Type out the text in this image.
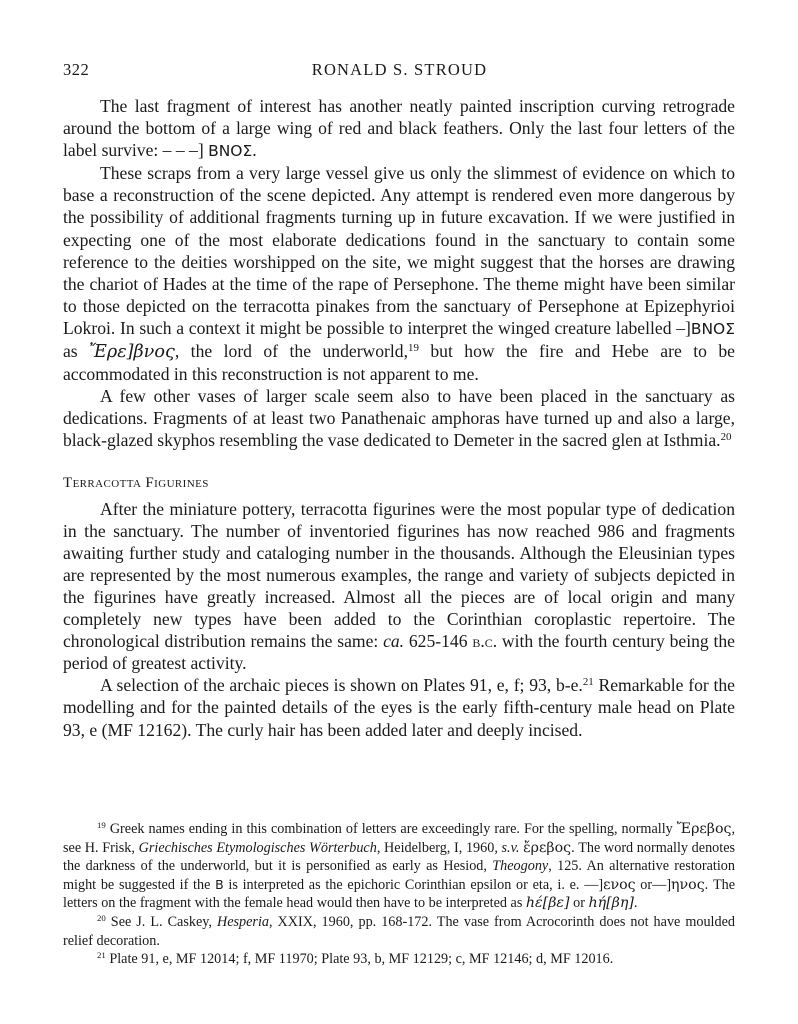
322	RONALD S. STROUD

The last fragment of interest has another neatly painted inscription curving retrograde around the bottom of a large wing of red and black feathers. Only the last four letters of the label survive: – – –] ΒΝΟΣ.

These scraps from a very large vessel give us only the slimmest of evidence on which to base a reconstruction of the scene depicted. Any attempt is rendered even more dangerous by the possibility of additional fragments turning up in future excavation. If we were justified in expecting one of the most elaborate dedications found in the sanctuary to contain some reference to the deities worshipped on the site, we might suggest that the horses are drawing the chariot of Hades at the time of the rape of Persephone. The theme might have been similar to those depicted on the terracotta pinakes from the sanctuary of Persephone at Epizephyrioi Lokroi. In such a context it might be possible to interpret the winged creature labelled –]ΒΝΟΣ as Ἔρε]βνος, the lord of the underworld,$^{19}$ but how the fire and Hebe are to be accommodated in this reconstruction is not apparent to me.

A few other vases of larger scale seem also to have been placed in the sanctuary as dedications. Fragments of at least two Panathenaic amphoras have turned up and also a large, black-glazed skyphos resembling the vase dedicated to Demeter in the sacred glen at Isthmia.$^{20}$

Terracotta Figurines

After the miniature pottery, terracotta figurines were the most popular type of dedication in the sanctuary. The number of inventoried figurines has now reached 986 and fragments awaiting further study and cataloging number in the thousands. Although the Eleusinian types are represented by the most numerous examples, the range and variety of subjects depicted in the figurines have greatly increased. Almost all the pieces are of local origin and many completely new types have been added to the Corinthian coroplastic repertoire. The chronological distribution remains the same: ca. 625-146 b.c. with the fourth century being the period of greatest activity.

A selection of the archaic pieces is shown on Plates 91, e, f; 93, b-e.$^{21}$ Remarkable for the modelling and for the painted details of the eyes is the early fifth-century male head on Plate 93, e (MF 12162). The curly hair has been added later and deeply incised.

$^{19}$ Greek names ending in this combination of letters are exceedingly rare. For the spelling, normally Ἔρεβος, see H. Frisk, Griechisches Etymologisches Wörterbuch, Heidelberg, I, 1960, s.v. ἔρεβος. The word normally denotes the darkness of the underworld, but it is personified as early as Hesiod, Theogony, 125. An alternative restoration might be suggested if the B is interpreted as the epichoric Corinthian epsilon or eta, i. e. —]ενος or—]ηνος. The letters on the fragment with the female head would then have to be interpreted as hέ[βε] or hή[βη].

$^{20}$ See J. L. Caskey, Hesperia, XXIX, 1960, pp. 168-172. The vase from Acrocorinth does not have moulded relief decoration.

$^{21}$ Plate 91, e, MF 12014; f, MF 11970; Plate 93, b, MF 12129; c, MF 12146; d, MF 12016.
